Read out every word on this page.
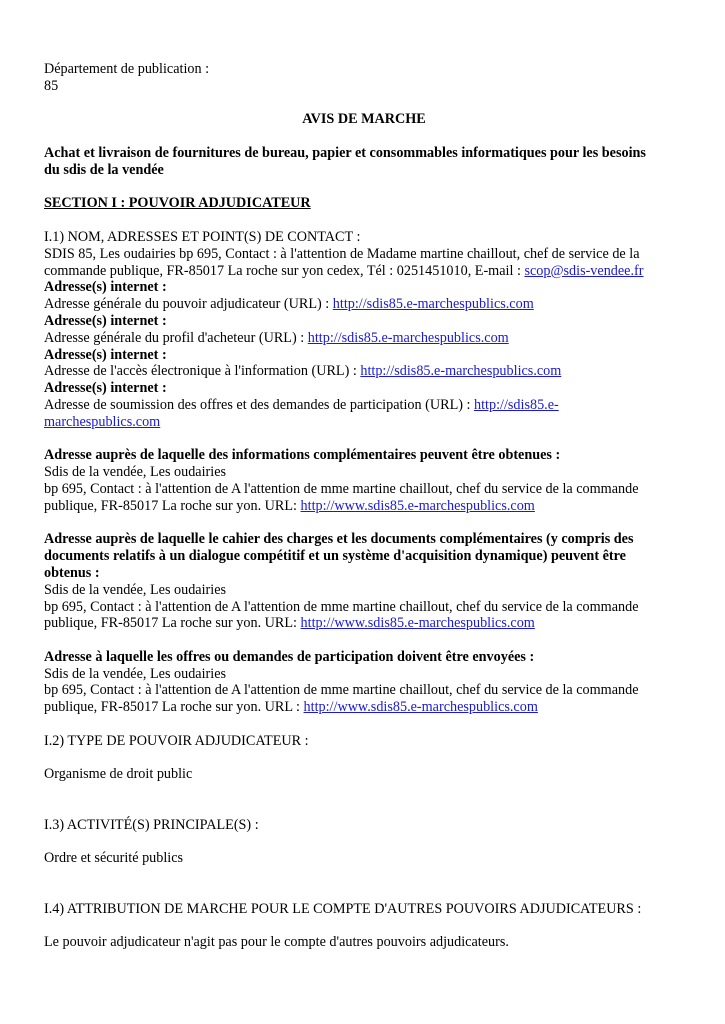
Département de publication :
85
AVIS DE MARCHE
Achat et livraison de fournitures de bureau, papier et consommables informatiques pour les besoins
du sdis de la vendée
SECTION I : POUVOIR ADJUDICATEUR
I.1) NOM, ADRESSES ET POINT(S) DE CONTACT :
SDIS 85, Les oudairies bp 695, Contact : à l'attention de Madame martine chaillout, chef de service de la
commande publique, FR-85017 La roche sur yon cedex, Tél : 0251451010, E-mail : scop@sdis-vendee.fr
Adresse(s) internet :
Adresse générale du pouvoir adjudicateur (URL) : http://sdis85.e-marchespublics.com
Adresse(s) internet :
Adresse générale du profil d'acheteur (URL) : http://sdis85.e-marchespublics.com
Adresse(s) internet :
Adresse de l'accès électronique à l'information (URL) : http://sdis85.e-marchespublics.com
Adresse(s) internet :
Adresse de soumission des offres et des demandes de participation (URL) : http://sdis85.e-
marchespublics.com
Adresse auprès de laquelle des informations complémentaires peuvent être obtenues :
Sdis de la vendée, Les oudairies
bp 695, Contact : à l'attention de A l'attention de mme martine chaillout, chef du service de la commande
publique, FR-85017 La roche sur yon. URL: http://www.sdis85.e-marchespublics.com
Adresse auprès de laquelle le cahier des charges et les documents complémentaires (y compris des
documents relatifs à un dialogue compétitif et un système d'acquisition dynamique) peuvent être
obtenus :
Sdis de la vendée, Les oudairies
bp 695, Contact : à l'attention de A l'attention de mme martine chaillout, chef du service de la commande
publique, FR-85017 La roche sur yon. URL: http://www.sdis85.e-marchespublics.com
Adresse à laquelle les offres ou demandes de participation doivent être envoyées :
Sdis de la vendée, Les oudairies
bp 695, Contact : à l'attention de A l'attention de mme martine chaillout, chef du service de la commande
publique, FR-85017 La roche sur yon. URL : http://www.sdis85.e-marchespublics.com
I.2) TYPE DE POUVOIR ADJUDICATEUR :
Organisme de droit public
I.3) ACTIVITÉ(S) PRINCIPALE(S) :
Ordre et sécurité publics
I.4) ATTRIBUTION DE MARCHE POUR LE COMPTE D'AUTRES POUVOIRS ADJUDICATEURS :
Le pouvoir adjudicateur n'agit pas pour le compte d'autres pouvoirs adjudicateurs.
